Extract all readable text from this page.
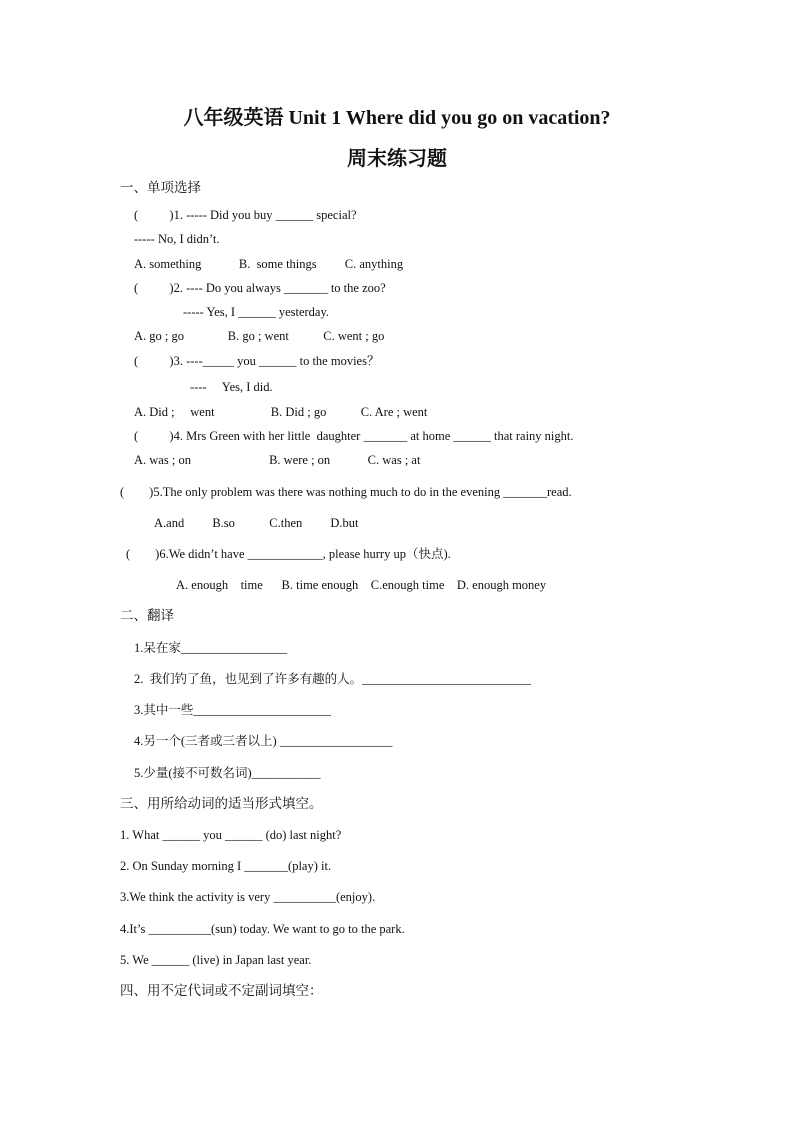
八年级英语 Unit 1 Where did you go on vacation?
周末练习题
一、单项选择
(          )1. ----- Did you buy ______ special?
----- No, I didn’t.
A. something            B.  some things         C. anything
(          )2. ---- Do you always _______ to the zoo?
----- Yes, I ______ yesterday.
A. go ; go              B. go ; went           C. went ; go
(          )3. ----_____ you ______ to the movies？
----     Yes, I did.
A. Did ;     went                  B. Did ; go           C. Are ; went
(          )4. Mrs Green with her little  daughter _______ at home ______ that rainy night.
A. was ; on                         B. were ; on            C. was ; at
(        )5.The only problem was there was nothing much to do in the evening _______read.
A.and         B.so           C.then         D.but
(        )6.We didn’t have ____________, please hurry up（快点).
A. enough    time      B. time enough    C.enough time    D. enough money
二、翻译
1.呆在家_________________
2.  我们钓了鱼，也见到了许多有趣的人。___________________________
3.其中一些______________________
4.另一个(三者或三者以上) __________________
5.少量(接不可数名词)___________
三、用所给动词的适当形式填空。
1. What ______ you ______ (do) last night?
2. On Sunday morning I _______(play) it.
3.We think the activity is very __________(enjoy).
4.It’s __________(sun) today. We want to go to the park.
5. We ______ (live) in Japan last year.
四、用不定代词或不定副词填空：
